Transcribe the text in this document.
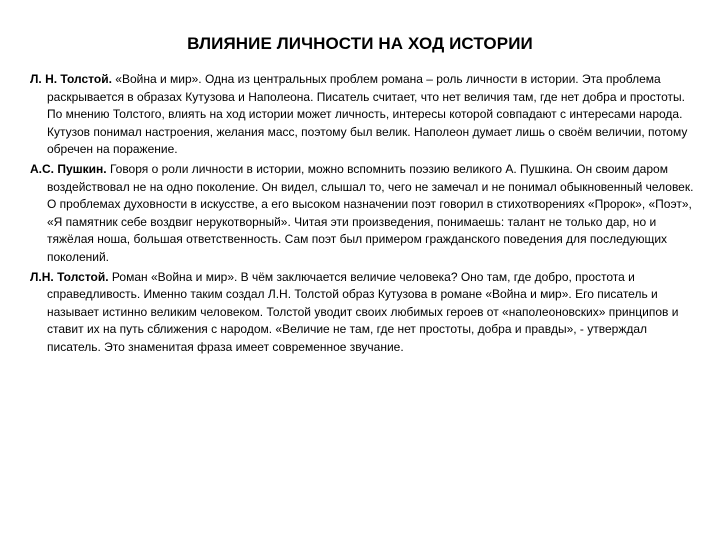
ВЛИЯНИЕ ЛИЧНОСТИ НА ХОД ИСТОРИИ

Л. Н. Толстой. «Война и мир». Одна из центральных проблем романа – роль личности в истории. Эта проблема раскрывается в образах Кутузова и Наполеона. Писатель считает, что нет величия там, где нет добра и простоты. По мнению Толстого, влиять на ход истории может личность, интересы которой совпадают с интересами народа. Кутузов понимал настроения, желания масс, поэтому был велик. Наполеон думает лишь о своём величии, потому обречен на поражение.

А.С. Пушкин. Говоря о роли личности в истории, можно вспомнить поэзию великого А. Пушкина. Он своим даром воздействовал не на одно поколение. Он видел, слышал то, чего не замечал и не понимал обыкновенный человек. О проблемах духовности в искусстве, а его высоком назначении поэт говорил в стихотворениях «Пророк», «Поэт», «Я памятник себе воздвиг нерукотворный». Читая эти произведения, понимаешь: талант не только дар, но и тяжёлая ноша, большая ответственность. Сам поэт был примером гражданского поведения для последующих поколений.

Л.Н. Толстой. Роман «Война и мир». В чём заключается величие человека? Оно там, где добро, простота и справедливость. Именно таким создал Л.Н. Толстой образ Кутузова в романе «Война и мир». Его писатель и называет истинно великим человеком. Толстой уводит своих любимых героев от «наполеоновских» принципов и ставит их на путь сближения с народом. «Величие не там, где нет простоты, добра и правды», - утверждал писатель. Это знаменитая фраза имеет современное звучание.
